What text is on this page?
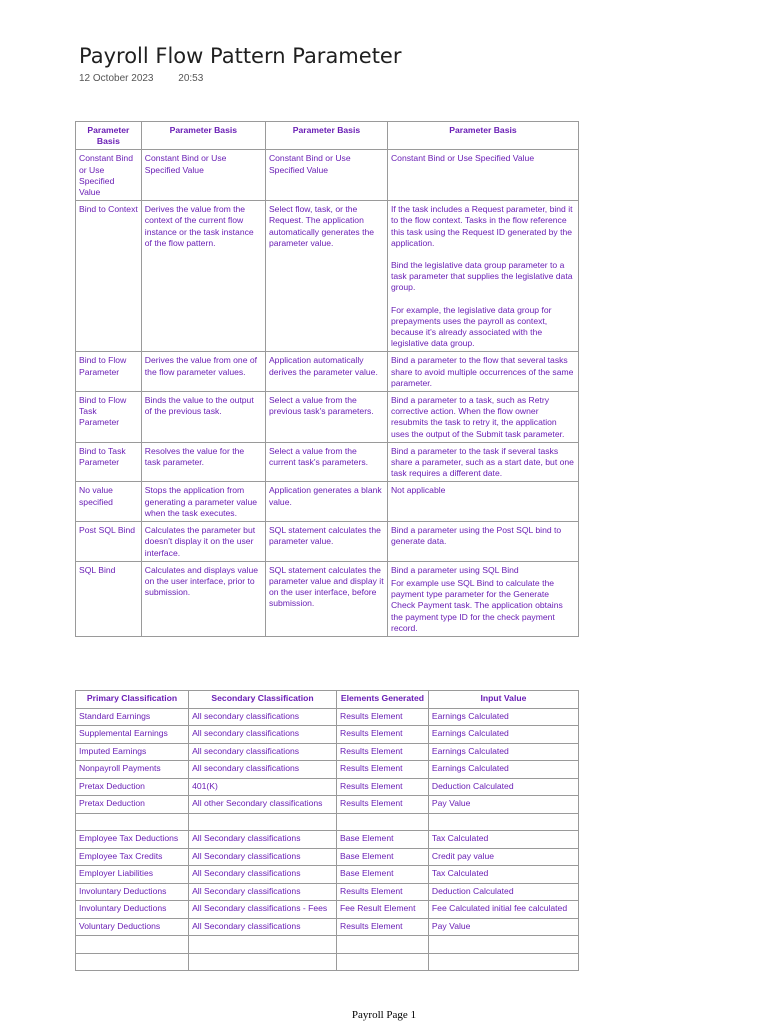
Payroll Flow Pattern Parameter
12 October 2023 20:53
Parameter Basis	Parameter Basis	Parameter Basis	Parameter Basis
Constant Bind or Use Specified Value	Constant Bind or Use Specified Value	Constant Bind or Use Specified Value	Constant Bind or Use Specified Value

Bind to Context	Derives the value from the context of the current flow instance or the task instance of the flow pattern.	Select flow, task, or the Request. The application automatically generates the parameter value.	If the task includes a Request parameter, bind it to the flow context. Tasks in the flow reference this task using the Request ID generated by the application.

Bind the legislative data group parameter to a task parameter that supplies the legislative data group.

For example, the legislative data group for prepayments uses the payroll as context, because it's already associated with the legislative data group.

Bind to Flow Parameter	Derives the value from one of the flow parameter values.	Application automatically derives the parameter value.	Bind a parameter to the flow that several tasks share to avoid multiple occurrences of the same parameter.

Bind to Flow Task Parameter	Binds the value to the output of the previous task.	Select a value from the previous task's parameters.	Bind a parameter to a task, such as Retry corrective action. When the flow owner resubmits the task to retry it, the application uses the output of the Submit task parameter.

Bind to Task Parameter	Resolves the value for the task parameter.	Select a value from the current task's parameters.	Bind a parameter to the task if several tasks share a parameter, such as a start date, but one task requires a different date.

No value specified	Stops the application from generating a parameter value when the task executes.	Application generates a blank value.	Not applicable

Post SQL Bind	Calculates the parameter but doesn't display it on the user interface.	SQL statement calculates the parameter value.	Bind a parameter using the Post SQL bind to generate data.

SQL Bind	Calculates and displays value on the user interface, prior to submission.	SQL statement calculates the parameter value and display it on the user interface, before submission.	Bind a parameter using SQL Bind

For example use SQL Bind to calculate the payment type parameter for the Generate Check Payment task. The application obtains the payment type ID for the check payment record.

Primary Classification	Secondary Classification	Elements Generated	Input Value
Standard Earnings	All secondary classifications	Results Element	Earnings Calculated
Supplemental Earnings	All secondary classifications	Results Element	Earnings Calculated
Imputed Earnings	All secondary classifications	Results Element	Earnings Calculated
Nonpayroll Payments	All secondary classifications	Results Element	Earnings Calculated
Pretax Deduction	401(K)	Results Element	Deduction Calculated
Pretax Deduction	All other Secondary classifications	Results Element	Pay Value

Employee Tax Deductions	All Secondary classifications	Base Element	Tax Calculated
Employee Tax Credits	All Secondary classifications	Base Element	Credit pay value
Employer Liabilities	All Secondary classifications	Base Element	Tax Calculated
Involuntary Deductions	All Secondary classifications	Results Element	Deduction Calculated
Involuntary Deductions	All Secondary classifications - Fees	Fee Result Element	Fee Calculated initial fee calculated
Voluntary Deductions	All Secondary classifications	Results Element	Pay Value

Payroll Page 1
